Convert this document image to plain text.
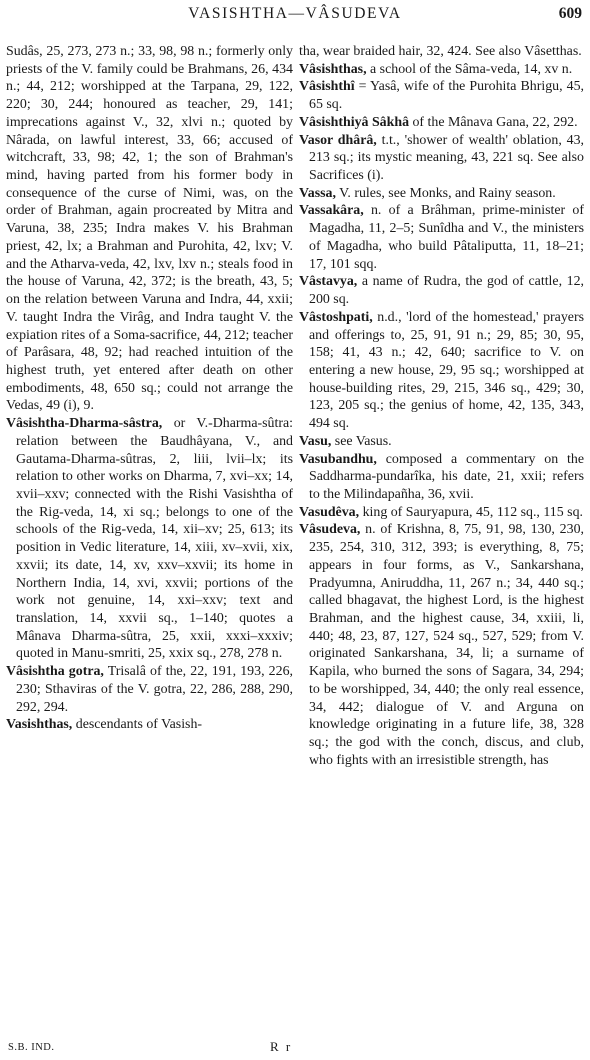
VASISHTHA—VÂSUDEVA	609

Sudâs, 25, 273, 273 n.; 33, 98, 98 n.; formerly only priests of the V. family could be Brahmans, 26, 434 n.; 44, 212; worshipped at the Tarpana, 29, 122, 220; 30, 244; honoured as teacher, 29, 141; imprecations against V., 32, xlvi n.; quoted by Nârada, on lawful interest, 33, 66; accused of witchcraft, 33, 98; 42, 1; the son of Brahman's mind, having parted from his former body in consequence of the curse of Nimi, was, on the order of Brahman, again procreated by Mitra and Varuna, 38, 235; Indra makes V. his Brahman priest, 42, lx; a Brahman and Purohita, 42, lxv; V. and the Atharva-veda, 42, lxv, lxv n.; steals food in the house of Varuna, 42, 372; is the breath, 43, 5; on the relation between Varuna and Indra, 44, xxii; V. taught Indra the Virâg, and Indra taught V. the expiation rites of a Soma-sacrifice, 44, 212; teacher of Parâsara, 48, 92; had reached intuition of the highest truth, yet entered after death on other embodiments, 48, 650 sq.; could not arrange the Vedas, 49 (i), 9.

Vâsishtha-Dharma-sâstra, or V.-Dharma-sûtra: relation between the Baudhâyana, V., and Gautama-Dharma-sûtras, 2, liii, lvii–lx; its relation to other works on Dharma, 7, xvi–xx; 14, xvii–xxv; connected with the Rishi Vasishtha of the Rig-veda, 14, xi sq.; belongs to one of the schools of the Rig-veda, 14, xii–xv; 25, 613; its position in Vedic literature, 14, xiii, xv–xvii, xix, xxvii; its date, 14, xv, xxv–xxvii; its home in Northern India, 14, xvi, xxvii; portions of the work not genuine, 14, xxi–xxv; text and translation, 14, xxvii sq., 1–140; quotes a Mânava Dharma-sûtra, 25, xxii, xxxi–xxxiv; quoted in Manu-smriti, 25, xxix sq., 278, 278 n.

Vâsishtha gotra, Trisalâ of the, 22, 191, 193, 226, 230; Sthaviras of the V. gotra, 22, 286, 288, 290, 292, 294.

Vasishthas, descendants of Vasish-

tha, wear braided hair, 32, 424. See also Vâsetthas.

Vâsishthas, a school of the Sâma-veda, 14, xv n.

Vâsishthî = Yasâ, wife of the Purohita Bhrigu, 45, 65 sq.

Vâsishthiyâ Sâkhâ of the Mânava Gana, 22, 292.

Vasor dhârâ, t.t., 'shower of wealth' oblation, 43, 213 sq.; its mystic meaning, 43, 221 sq. See also Sacrifices (i).

Vassa, V. rules, see Monks, and Rainy season.

Vassakâra, n. of a Brâhman, prime-minister of Magadha, 11, 2–5; Sunîdha and V., the ministers of Magadha, who build Pâtaliputta, 11, 18–21; 17, 101 sqq.

Vâstavya, a name of Rudra, the god of cattle, 12, 200 sq.

Vâstoshpati, n.d., 'lord of the homestead,' prayers and offerings to, 25, 91, 91 n.; 29, 85; 30, 95, 158; 41, 43 n.; 42, 640; sacrifice to V. on entering a new house, 29, 95 sq.; worshipped at house-building rites, 29, 215, 346 sq., 429; 30, 123, 205 sq.; the genius of home, 42, 135, 343, 494 sq.

Vasu, see Vasus.

Vasubandhu, composed a commentary on the Saddharma-pundarîka, his date, 21, xxii; refers to the Milindapañha, 36, xvii.

Vasudêva, king of Sauryapura, 45, 112 sq., 115 sq.

Vâsudeva, n. of Krishna, 8, 75, 91, 98, 130, 230, 235, 254, 310, 312, 393; is everything, 8, 75; appears in four forms, as V., Sankarshana, Pradyumna, Aniruddha, 11, 267 n.; 34, 440 sq.; called bhagavat, the highest Lord, is the highest Brahman, and the highest cause, 34, xxiii, li, 440; 48, 23, 87, 127, 524 sq., 527, 529; from V. originated Sankarshana, 34, li; a surname of Kapila, who burned the sons of Sagara, 34, 294; to be worshipped, 34, 440; the only real essence, 34, 442; dialogue of V. and Arguna on knowledge originating in a future life, 38, 328 sq.; the god with the conch, discus, and club, who fights with an irresistible strength, has

S.B. IND.	R r
